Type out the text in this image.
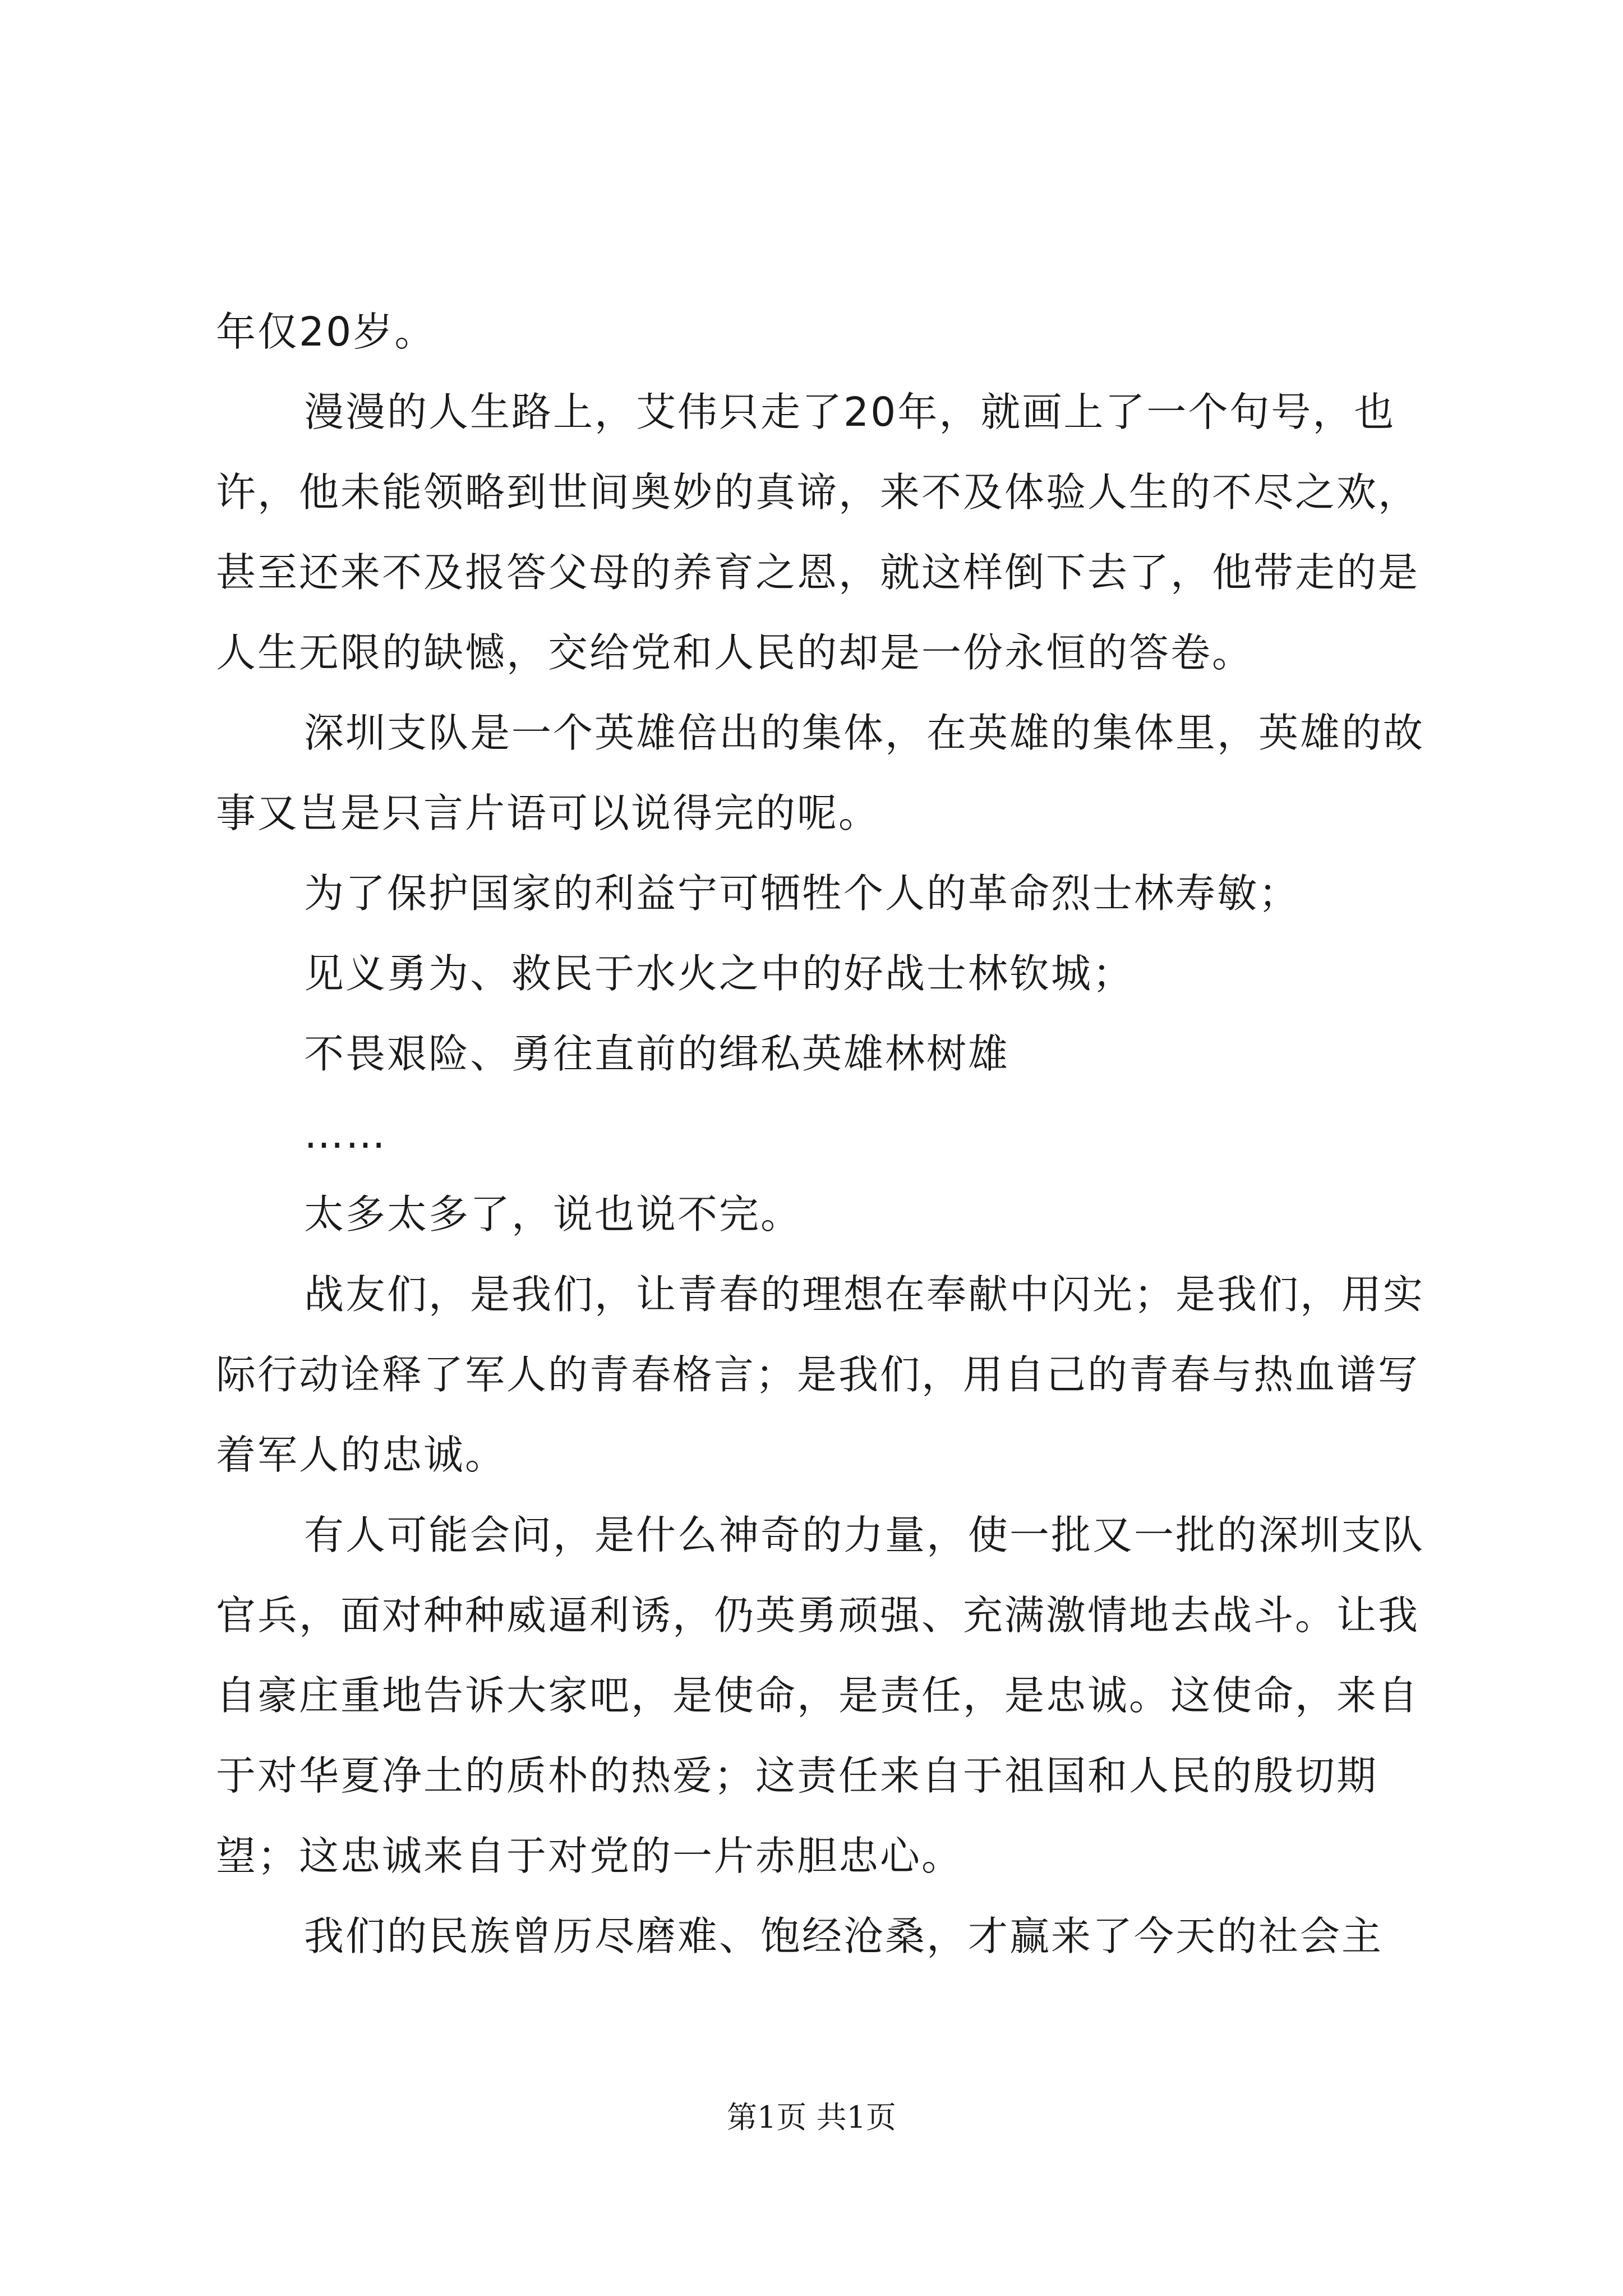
年仅20岁。

漫漫的人生路上，艾伟只走了20年，就画上了一个句号，也许，他未能领略到世间奥妙的真谛，来不及体验人生的不尽之欢，甚至还来不及报答父母的养育之恩，就这样倒下去了，他带走的是人生无限的缺憾，交给党和人民的却是一份永恒的答卷。

深圳支队是一个英雄倍出的集体，在英雄的集体里，英雄的故事又岂是只言片语可以说得完的呢。

为了保护国家的利益宁可牺牲个人的革命烈士林寿敏；

见义勇为、救民于水火之中的好战士林钦城；

不畏艰险、勇往直前的缉私英雄林树雄

……

太多太多了，说也说不完。

战友们，是我们，让青春的理想在奉献中闪光；是我们，用实际行动诠释了军人的青春格言；是我们，用自己的青春与热血谱写着军人的忠诚。

有人可能会问，是什么神奇的力量，使一批又一批的深圳支队官兵，面对种种威逼利诱，仍英勇顽强、充满激情地去战斗。让我自豪庄重地告诉大家吧，是使命，是责任，是忠诚。这使命，来自于对华夏净土的质朴的热爱；这责任来自于祖国和人民的殷切期望；这忠诚来自于对党的一片赤胆忠心。

我们的民族曾历尽磨难、饱经沧桑，才赢来了今天的社会主

第1页 共1页
